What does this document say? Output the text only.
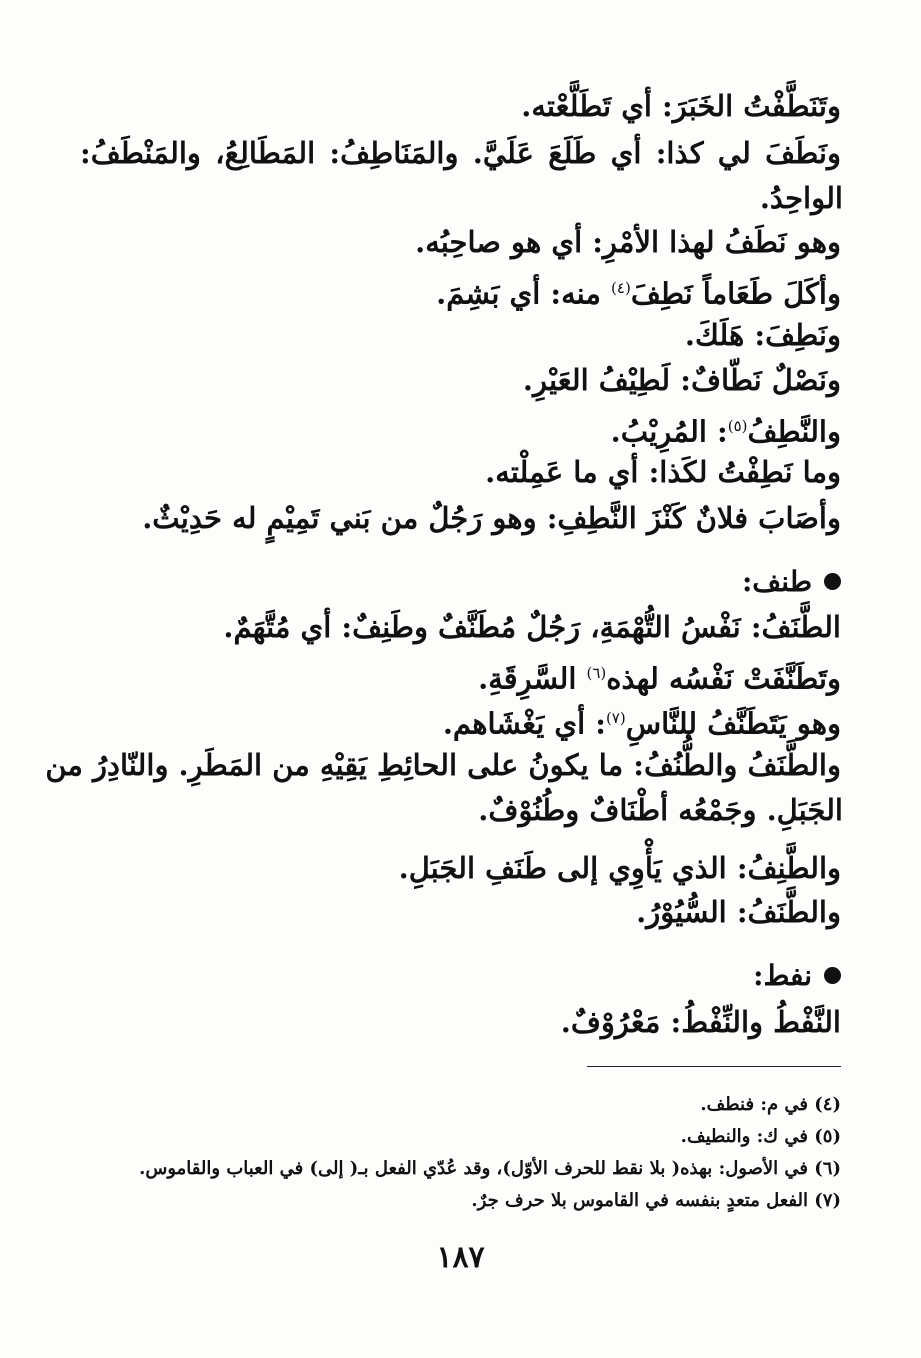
وتَنَطَّفْتُ الخَبَرَ: أي تَطَلَّعْته.
ونَطَفَ لي كذا: أي طَلَعَ عَلَيَّ. والمَنَاطِفُ: المَطَالِعُ، والمَنْطَفُ:
الواحِدُ.
وهو نَطَفُ لهذا الأمْرِ: أي هو صاحِبُه.
وأكَلَ طَعَاماً نَطِفَ$^{(٤)}$ منه: أي بَشِمَ.
ونَطِفَ: هَلَكَ.
ونَصْلٌ نَطّافٌ: لَطِيْفُ العَيْرِ.
والنَّطِفُ$^{(٥)}$: المُرِيْبُ.
وما نَطِفْتُ لكَذا: أي ما عَمِلْته.
وأصَابَ فلانٌ كَنْزَ النَّطِفِ: وهو رَجُلٌ من بَني تَمِيْمٍ له حَدِيْثٌ.
طنف:
الطَّنَفُ: نَفْسُ التُّهْمَةِ، رَجُلٌ مُطَنَّفٌ وطَنِفٌ: أي مُتَّهَمٌ.
وتَطَنَّفَتْ نَفْسُه لهذه$^{(٦)}$ السَّرِقَةِ.
وهو يَتَطَنَّفُ للنَّاسِ$^{(٧)}$: أي يَغْشَاهم.
والطَّنَفُ والطُّنُفُ: ما يكونُ على الحائِطِ يَقِيْهِ من المَطَرِ. والنّادِرُ من
الجَبَلِ. وجَمْعُه أطْنَافٌ وطُنُوْفٌ.
والطَّنِفُ: الذي يَأْوِي إلى طَنَفِ الجَبَلِ.
والطَّنَفُ: السُّيُوْرُ.
نفط:
النَّفْطُ والنِّفْطُ: مَعْرُوْفٌ.
(٤) في م: فنطف.
(٥) في ك: والنطيف.
(٦) في الأصول: بهذه( بلا نقط للحرف الأوّل)، وقد عُدّي الفعل بـ( إلى) في العباب والقاموس.
(٧) الفعل متعدٍ بنفسه في القاموس بلا حرف جرٌ.
١٨٧
